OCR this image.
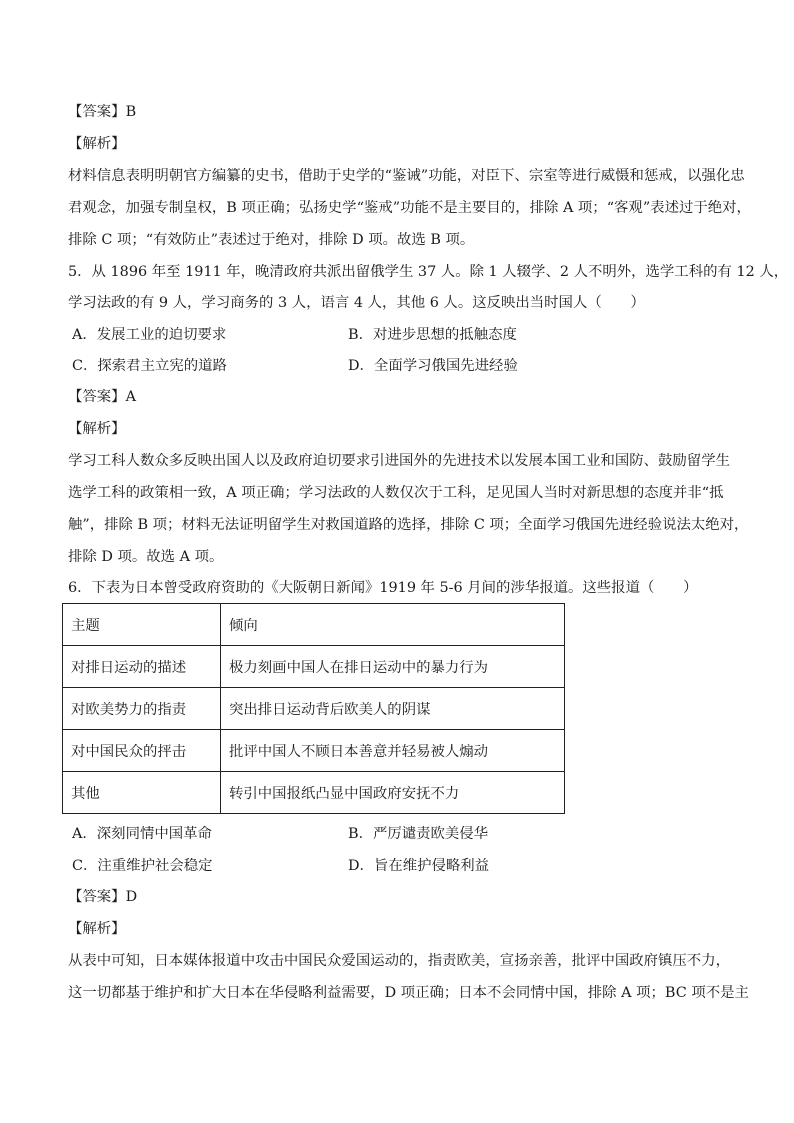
【答案】B
【解析】
材料信息表明明朝官方编纂的史书，借助于史学的“鉴诫”功能，对臣下、宗室等进行威慑和惩戒，以强化忠
君观念，加强专制皇权，B 项正确；弘扬史学“鉴戒”功能不是主要目的，排除 A 项；“客观”表述过于绝对，
排除 C 项；“有效防止”表述过于绝对，排除 D 项。故选 B 项。
5．从 1896 年至 1911 年，晚清政府共派出留俄学生 37 人。除 1 人辍学、2 人不明外，选学工科的有 12 人，
学习法政的有 9 人，学习商务的 3 人，语言 4 人，其他 6 人。这反映出当时国人（　　）
A．发展工业的迫切要求	B．对进步思想的抵触态度
C．探索君主立宪的道路	D．全面学习俄国先进经验
【答案】A
【解析】
学习工科人数众多反映出国人以及政府迫切要求引进国外的先进技术以发展本国工业和国防、鼓励留学生
选学工科的政策相一致，A 项正确；学习法政的人数仅次于工科，足见国人当时对新思想的态度并非“抵
触”，排除 B 项；材料无法证明留学生对救国道路的选择，排除 C 项；全面学习俄国先进经验说法太绝对，
排除 D 项。故选 A 项。
6．下表为日本曾受政府资助的《大阪朝日新闻》1919 年 5-6 月间的涉华报道。这些报道（　　）
主题	倾向
对排日运动的描述	极力刻画中国人在排日运动中的暴力行为
对欧美势力的指责	突出排日运动背后欧美人的阴谋
对中国民众的抨击	批评中国人不顾日本善意并轻易被人煽动
其他	转引中国报纸凸显中国政府安抚不力
A．深刻同情中国革命	B．严厉谴责欧美侵华
C．注重维护社会稳定	D．旨在维护侵略利益
【答案】D
【解析】
从表中可知，日本媒体报道中攻击中国民众爱国运动的，指责欧美，宣扬亲善，批评中国政府镇压不力，
这一切都基于维护和扩大日本在华侵略利益需要，D 项正确；日本不会同情中国，排除 A 项；BC 项不是主
